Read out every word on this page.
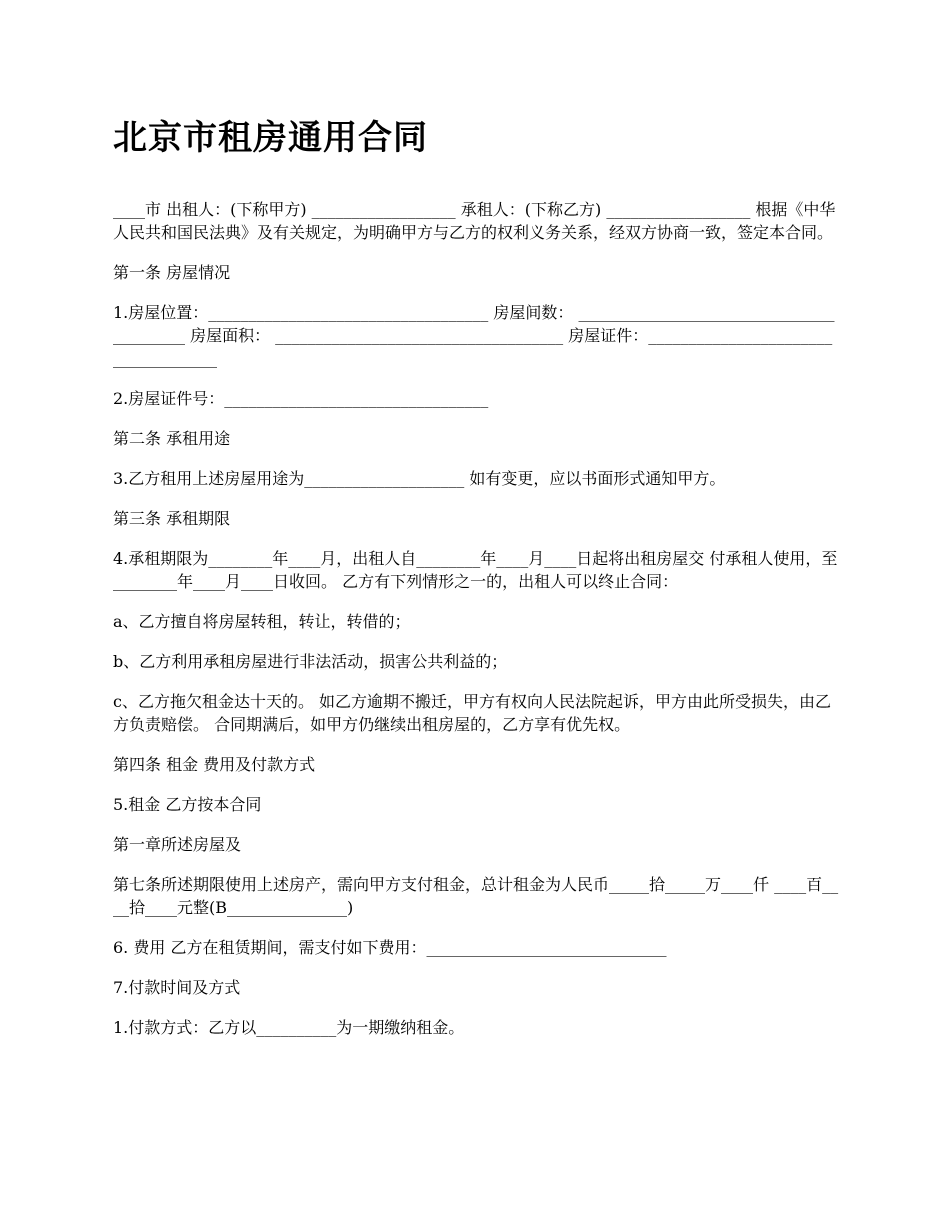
北京市租房通用合同

____市 出租人：(下称甲方) __________________ 承租人：(下称乙方) __________________ 根据《中华人民共和国民法典》及有关规定，为明确甲方与乙方的权利义务关系，经双方协商一致，签定本合同。

第一条 房屋情况

1.房屋位置：___________________________________ 房屋间数： _________________________________________ 房屋面积： ____________________________________ 房屋证件：____________________________________

2.房屋证件号：_________________________________

第二条 承租用途

3.乙方租用上述房屋用途为____________________ 如有变更，应以书面形式通知甲方。

第三条 承租期限

4.承租期限为________年____月，出租人自________年____月____日起将出租房屋交 付承租人使用，至________年____月____日收回。 乙方有下列情形之一的，出租人可以终止合同：

a、乙方擅自将房屋转租，转让，转借的；

b、乙方利用承租房屋进行非法活动，损害公共利益的；

c、乙方拖欠租金达十天的。 如乙方逾期不搬迁，甲方有权向人民法院起诉，甲方由此所受损失，由乙方负责赔偿。 合同期满后，如甲方仍继续出租房屋的，乙方享有优先权。

第四条 租金 费用及付款方式

5.租金 乙方按本合同

第一章所述房屋及

第七条所述期限使用上述房产，需向甲方支付租金，总计租金为人民币_____拾_____万____仟 ____百____拾____元整(B_______________)

6. 费用 乙方在租赁期间，需支付如下费用：______________________________

7.付款时间及方式

1.付款方式：乙方以__________为一期缴纳租金。
